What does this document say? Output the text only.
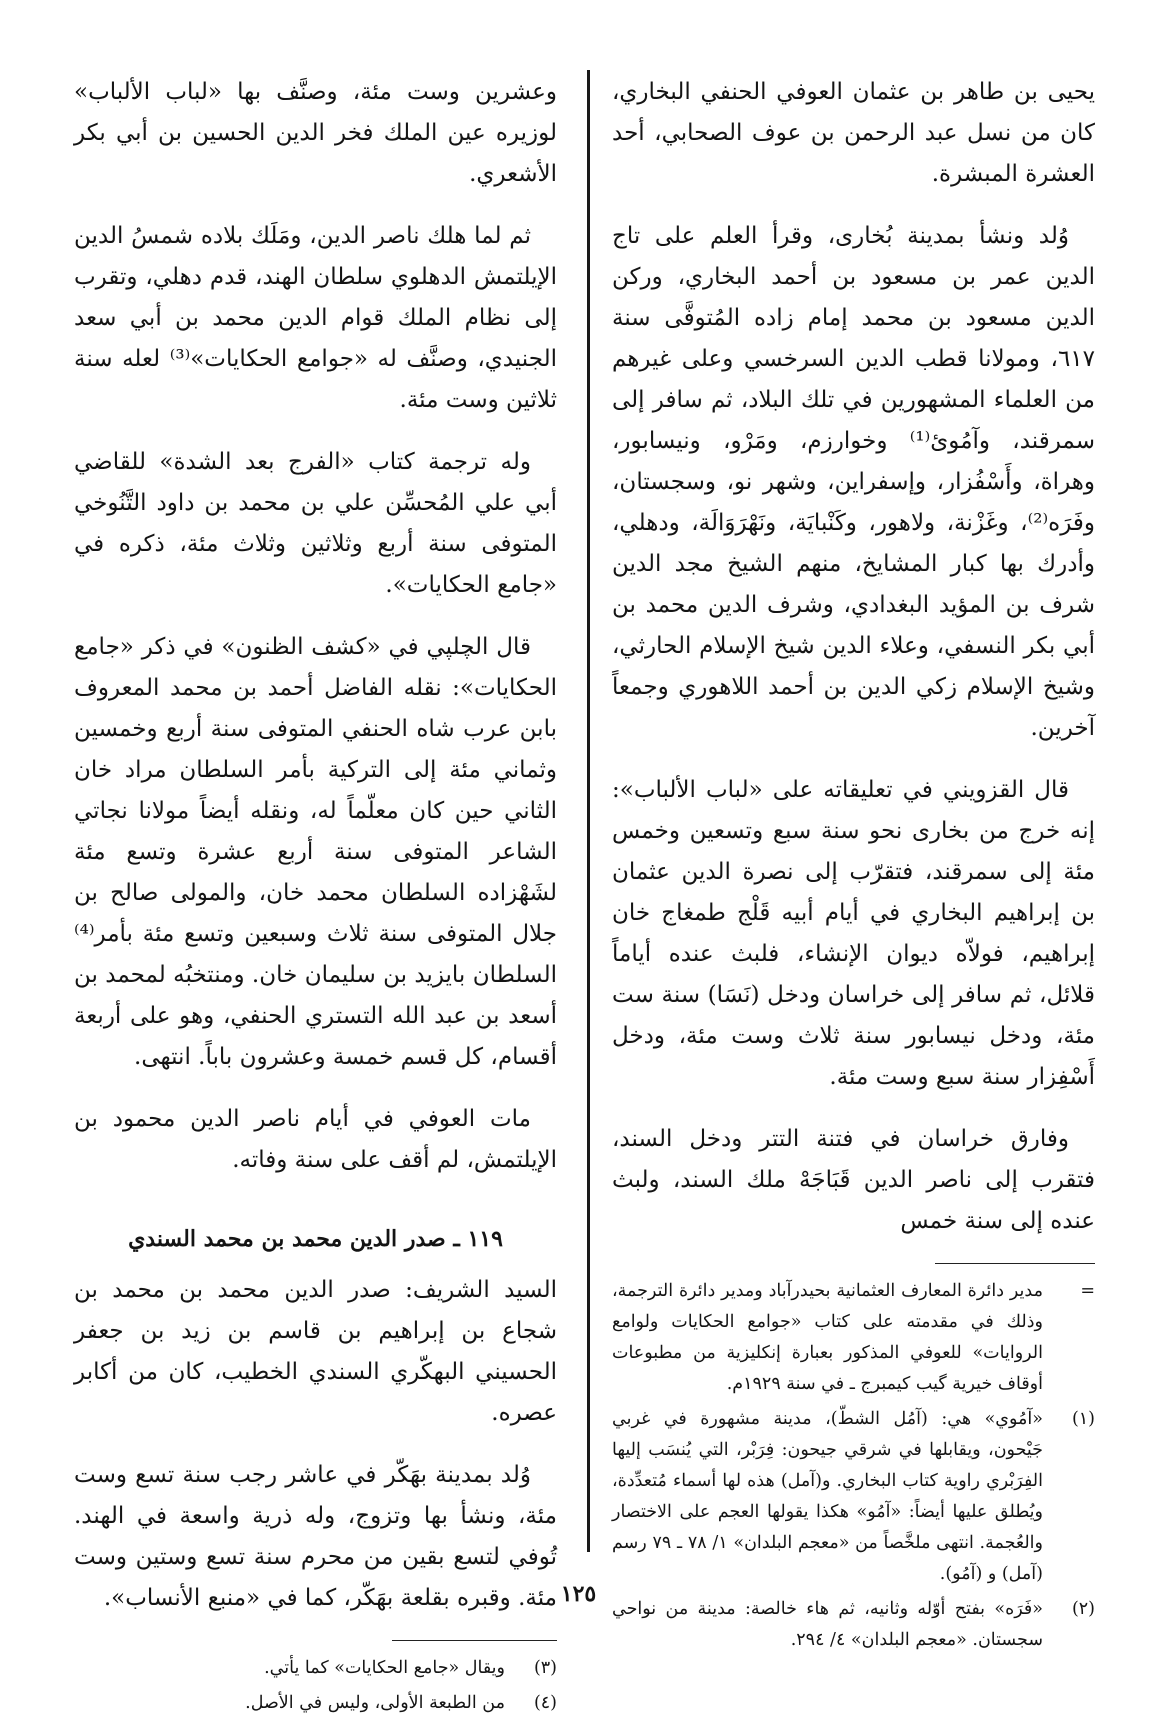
يحيى بن طاهر بن عثمان العوفي الحنفي البخاري، كان من نسل عبد الرحمن بن عوف الصحابي، أحد العشرة المبشرة.

وُلد ونشأ بمدينة بُخارى، وقرأ العلم على تاج الدين عمر بن مسعود بن أحمد البخاري، وركن الدين مسعود بن محمد إمام زاده المُتوفَّى سنة ٦١٧، ومولانا قطب الدين السرخسي وعلى غيرهم من العلماء المشهورين في تلك البلاد، ثم سافر إلى سمرقند، وآمُوئ⁽¹⁾ وخوارزم، ومَرْو، ونيسابور، وهراة، وأَسْفُزار، وإسفراين، وشهر نو، وسجستان، وفَرَه⁽²⁾، وغَزْنة، ولاهور، وكَنْبايَة، ونَهْرَوَالَة، ودهلي، وأدرك بها كبار المشايخ، منهم الشيخ مجد الدين شرف بن المؤيد البغدادي، وشرف الدين محمد بن أبي بكر النسفي، وعلاء الدين شيخ الإسلام الحارثي، وشيخ الإسلام زكي الدين بن أحمد اللاهوري وجمعاً آخرين.

قال القزويني في تعليقاته على «لباب الألباب»: إنه خرج من بخارى نحو سنة سبع وتسعين وخمس مئة إلى سمرقند، فتقرّب إلى نصرة الدين عثمان بن إبراهيم البخاري في أيام أبيه قَلْج طمغاج خان إبراهيم، فولاّه ديوان الإنشاء، فلبث عنده أياماً قلائل، ثم سافر إلى خراسان ودخل (نَسَا) سنة ست مئة، ودخل نيسابور سنة ثلاث وست مئة، ودخل أَسْفِزار سنة سبع وست مئة.

وفارق خراسان في فتنة التتر ودخل السند، فتقرب إلى ناصر الدين قَبَاجَهْ ملك السند، ولبث عنده إلى سنة خمس

=
مدير دائرة المعارف العثمانية بحيدرآباد ومدير دائرة الترجمة، وذلك في مقدمته على كتاب «جوامع الحكايات ولوامع الروايات» للعوفي المذكور بعبارة إنكليزية من مطبوعات أوقاف خيرية گيب كيمبرج ـ في سنة ١٩٢٩م.

(١)
«آمُوي» هي: (آمُل الشطّ)، مدينة مشهورة في غربي جَيْحون، ويقابلها في شرقي جيحون: فِرَبْر، التي يُنسَب إليها الفِرَبْري راوية كتاب البخاري. و(آمل) هذه لها أسماء مُتعدِّدة، ويُطلق عليها أيضاً: «آمُو» هكذا يقولها العجم على الاختصار والعُجمة. انتهى ملخَّصاً من «معجم البلدان» ١/ ٧٨ ـ ٧٩ رسم (آمل) و (آمُو).

(٢)
«فَرَه» بفتح أوّله وثانيه، ثم هاء خالصة: مدينة من نواحي سجستان. «معجم البلدان» ٤/ ٢٩٤.

وعشرين وست مئة، وصنَّف بها «لباب الألباب» لوزيره عين الملك فخر الدين الحسين بن أبي بكر الأشعري.

ثم لما هلك ناصر الدين، ومَلَك بلاده شمسُ الدين الإيلتمش الدهلوي سلطان الهند، قدم دهلي، وتقرب إلى نظام الملك قوام الدين محمد بن أبي سعد الجنيدي، وصنَّف له «جوامع الحكايات»⁽³⁾ لعله سنة ثلاثين وست مئة.

وله ترجمة كتاب «الفرج بعد الشدة» للقاضي أبي علي المُحسِّن علي بن محمد بن داود التَّنُوخي المتوفى سنة أربع وثلاثين وثلاث مئة، ذكره في «جامع الحكايات».

قال الچلپي في «كشف الظنون» في ذكر «جامع الحكايات»: نقله الفاضل أحمد بن محمد المعروف بابن عرب شاه الحنفي المتوفى سنة أربع وخمسين وثماني مئة إلى التركية بأمر السلطان مراد خان الثاني حين كان معلّماً له، ونقله أيضاً مولانا نجاتي الشاعر المتوفى سنة أربع عشرة وتسع مئة لشَهْزاده السلطان محمد خان، والمولى صالح بن جلال المتوفى سنة ثلاث وسبعين وتسع مئة بأمر⁽⁴⁾ السلطان بايزيد بن سليمان خان. ومنتخبُه لمحمد بن أسعد بن عبد الله التستري الحنفي، وهو على أربعة أقسام، كل قسم خمسة وعشرون باباً. انتهى.

مات العوفي في أيام ناصر الدين محمود بن الإيلتمش، لم أقف على سنة وفاته.

١١٩ ـ صدر الدين محمد بن محمد السندي

السيد الشريف: صدر الدين محمد بن محمد بن شجاع بن إبراهيم بن قاسم بن زيد بن جعفر الحسيني البهكّري السندي الخطيب، كان من أكابر عصره.

وُلد بمدينة بهَكّر في عاشر رجب سنة تسع وست مئة، ونشأ بها وتزوج، وله ذرية واسعة في الهند. تُوفي لتسع بقين من محرم سنة تسع وستين وست مئة. وقبره بقلعة بهَكّر، كما في «منبع الأنساب».

(٣)
ويقال «جامع الحكايات» كما يأتي.

(٤)
من الطبعة الأولى، وليس في الأصل.

١٢٥
